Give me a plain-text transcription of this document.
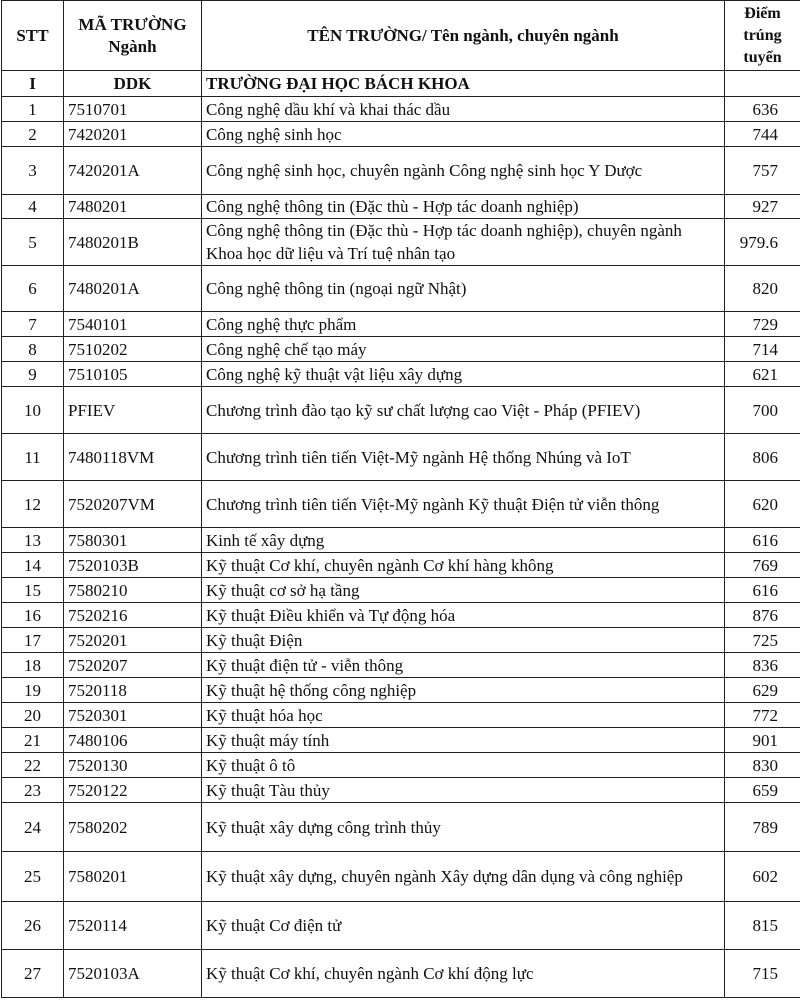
STT	MÃ TRƯỜNG Ngành	TÊN TRƯỜNG/ Tên ngành, chuyên ngành	Điểm trúng tuyển
I	DDK	TRƯỜNG ĐẠI HỌC BÁCH KHOA	
1	7510701	Công nghệ dầu khí và khai thác dầu	636
2	7420201	Công nghệ sinh học	744
3	7420201A	Công nghệ sinh học, chuyên ngành Công nghệ sinh học Y Dược	757
4	7480201	Công nghệ thông tin (Đặc thù - Hợp tác doanh nghiệp)	927
5	7480201B	Công nghệ thông tin (Đặc thù - Hợp tác doanh nghiệp), chuyên ngành Khoa học dữ liệu và Trí tuệ nhân tạo	979.6
6	7480201A	Công nghệ thông tin (ngoại ngữ Nhật)	820
7	7540101	Công nghệ thực phẩm	729
8	7510202	Công nghệ chế tạo máy	714
9	7510105	Công nghệ kỹ thuật vật liệu xây dựng	621
10	PFIEV	Chương trình đào tạo kỹ sư chất lượng cao Việt - Pháp (PFIEV)	700
11	7480118VM	Chương trình tiên tiến Việt-Mỹ ngành Hệ thống Nhúng và IoT	806
12	7520207VM	Chương trình tiên tiến Việt-Mỹ ngành Kỹ thuật Điện tử viễn thông	620
13	7580301	Kinh tế xây dựng	616
14	7520103B	Kỹ thuật Cơ khí, chuyên ngành Cơ khí hàng không	769
15	7580210	Kỹ thuật cơ sở hạ tầng	616
16	7520216	Kỹ thuật Điều khiển và Tự động hóa	876
17	7520201	Kỹ thuật Điện	725
18	7520207	Kỹ thuật điện tử - viễn thông	836
19	7520118	Kỹ thuật hệ thống công nghiệp	629
20	7520301	Kỹ thuật hóa học	772
21	7480106	Kỹ thuật máy tính	901
22	7520130	Kỹ thuật ô tô	830
23	7520122	Kỹ thuật Tàu thủy	659
24	7580202	Kỹ thuật xây dựng công trình thủy	789
25	7580201	Kỹ thuật xây dựng, chuyên ngành Xây dựng dân dụng và công nghiệp	602
26	7520114	Kỹ thuật Cơ điện tử	815
27	7520103A	Kỹ thuật Cơ khí, chuyên ngành Cơ khí động lực	715
